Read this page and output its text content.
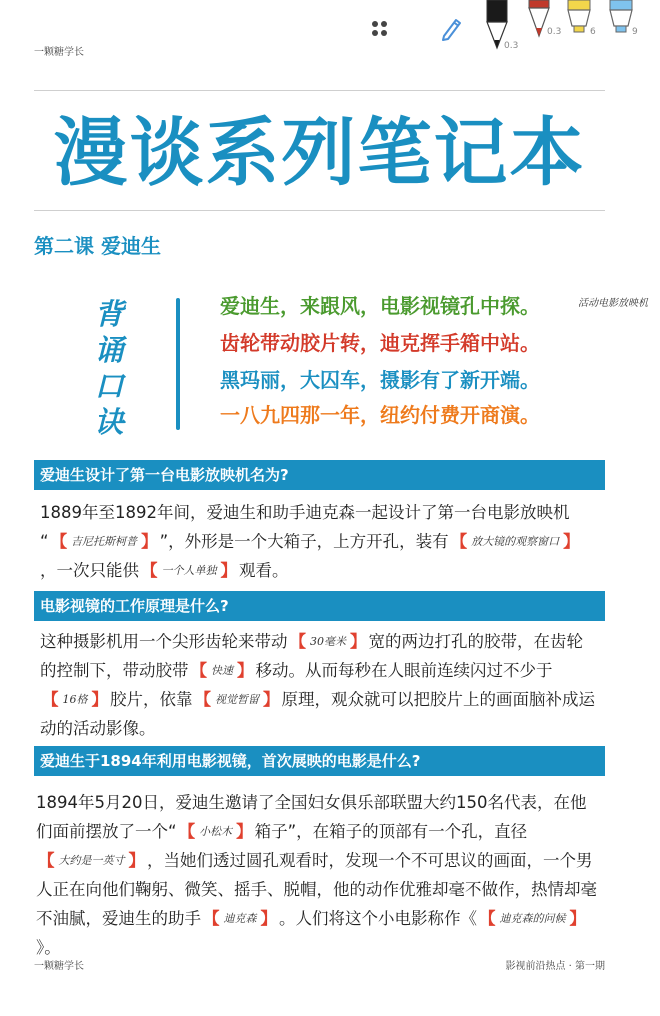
0.3
0.3	6	9
一颗糖学长
漫谈系列笔记本
第二课 爱迪生
背
诵
口
诀
爱迪生，来跟风，电影视镜孔中探。
齿轮带动胶片转，迪克挥手箱中站。
黑玛丽，大囚车，摄影有了新开端。
一八九四那一年，纽约付费开商演。
活动电影放映机
爱迪生设计了第一台电影放映机名为?
1889年至1892年间，爱迪生和助手迪克森一起设计了第一台电影放映机
“ 【 吉尼托斯柯普 】 ”，外形是一个大箱子，上方开孔，装有 【 放大镜的观察窗口 】，一次只能供 【 一个人单独 】 观看。
电影视镜的工作原理是什么?
这种摄影机用一个尖形齿轮来带动 【 30毫米 】 宽的两边打孔的胶带，在齿轮的控制下，带动胶带 【 快速 】 移动。从而每秒在人眼前连续闪过不少于【 16格 】 胶片，依靠 【 视觉暂留 】 原理，观众就可以把胶片上的画面脑补成运动的活动影像。
爱迪生于1894年利用电影视镜，首次展映的电影是什么?
1894年5月20日，爱迪生邀请了全国妇女俱乐部联盟大约150名代表，在他们面前摆放了一个“ 【 小松木 】 箱子”，在箱子的顶部有一个孔，直径【 大约是一英寸 】 ，当她们透过圆孔观看时，发现一个不可思议的画面，一个男人正在向他们鞠躬、微笑、摇手、脱帽，他的动作优雅却毫不做作，热情却毫不油腻，爱迪生的助手 【 迪克森 】 。人们将这个小电影称作《 【 迪克森的问候 】》。
一颗糖学长	影视前沿热点 · 第一期
